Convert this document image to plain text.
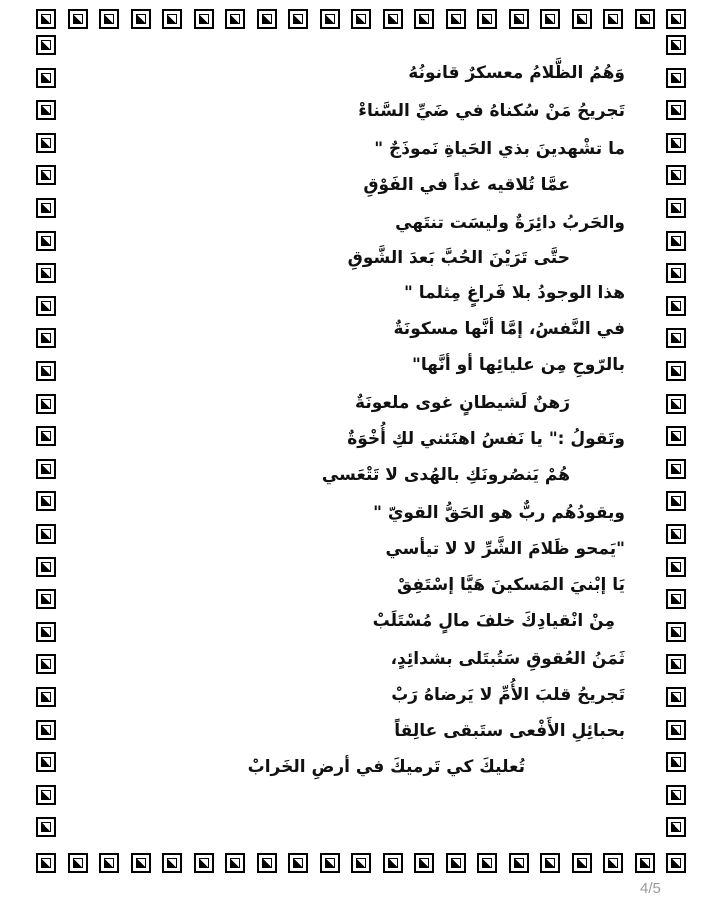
وَهُمُ الظَّلامُ معسكرٌ قانونُهُ
تَجريحُ مَنْ سُكناهُ في ضَيِّ السَّناءْ
ما تشْهدينَ بذي الحَياةِ نَموذَجٌ "
عمَّا تُلاقيه غداً في الفَوْقِ
والحَربُ دائِرَةٌ وليسَت تنتَهي
حتَّى تَرَيْنَ الحُبَّ بَعدَ الشَّوقِ
هذا الوجودُ بلا فَراغٍ مِثلما "
في النَّفسُ، إمَّا أنَّها مسكونَةٌ
بالرّوحِ مِن عليائِها أو أنَّها"
رَهنٌ لَشيطانٍ غوى ملعونَةٌ
وتَقولُ :" يا نَفسُ اهنَئني لكِ أُخْوَةٌ
هُمْ يَنصُرونَكِ بالهُدى لا تَتْعَسي
ويقودُهُم ربٌّ هو الحَقُّ القويّ "
"يَمحو ظَلامَ الشَّرِّ لا لا تيأسي
يَا إبْنيَ المَسكينَ هَيَّا إسْتَفِقْ
مِنْ انْقيادِكَ خلفَ مالٍ مُسْتَلَبْ
ثَمَنُ العُقوقِ سَتُبتَلى بشدائِدٍ،
تَجريحُ قلبَ الأُمِّ لا يَرضاهُ رَبْ
بحبائِلِ الأَفْعى ستَبقى عالِقاً
تُعليكَ كي تَرميكَ في أرضِ الخَرابْ
4/5
